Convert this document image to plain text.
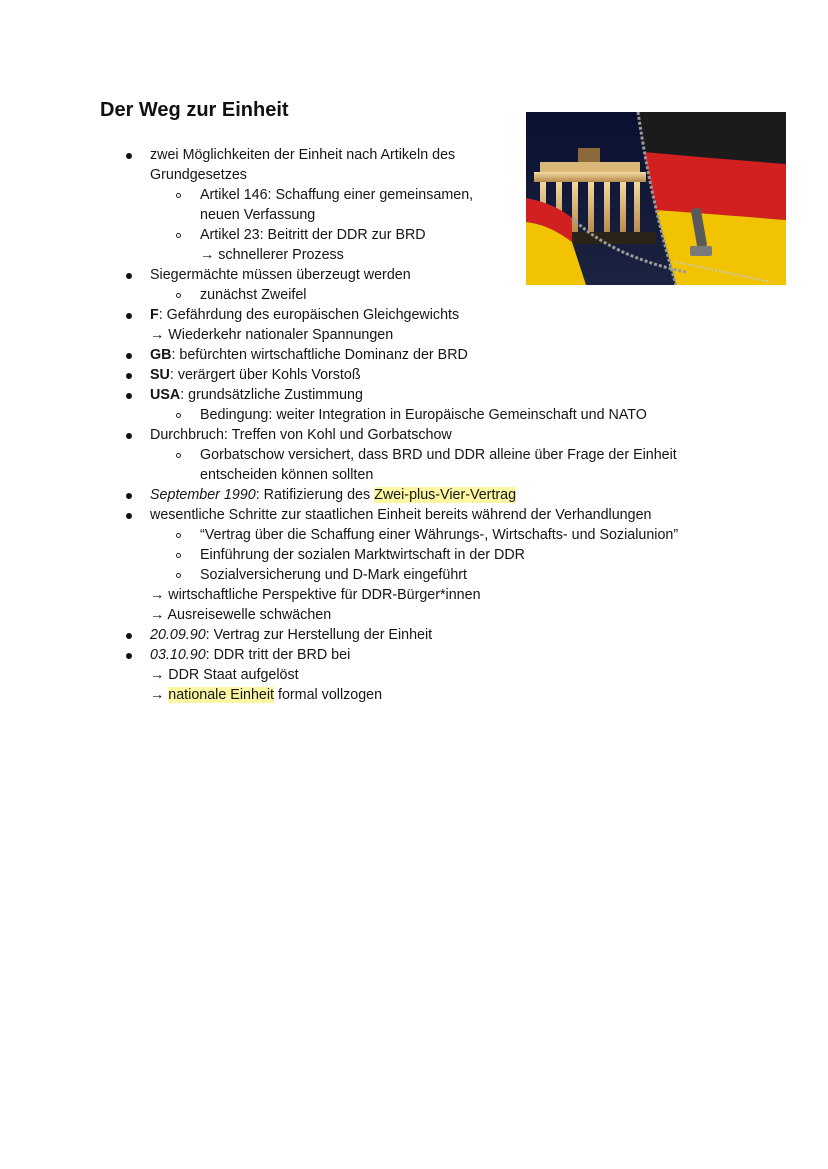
Der Weg zur Einheit
zwei Möglichkeiten der Einheit nach Artikeln des
Grundgesetzes
Artikel 146: Schaffung einer gemeinsamen,
neuen Verfassung
Artikel 23: Beitritt der DDR zur BRD
→ schnellerer Prozess
Siegermächte müssen überzeugt werden
zunächst Zweifel
F: Gefährdung des europäischen Gleichgewichts
→ Wiederkehr nationaler Spannungen
GB: befürchten wirtschaftliche Dominanz der BRD
SU: verärgert über Kohls Vorstoß
USA: grundsätzliche Zustimmung
Bedingung: weiter Integration in Europäische Gemeinschaft und NATO
Durchbruch: Treffen von Kohl und Gorbatschow
Gorbatschow versichert, dass BRD und DDR alleine über Frage der Einheit
entscheiden können sollten
September 1990: Ratifizierung des Zwei-plus-Vier-Vertrag
wesentliche Schritte zur staatlichen Einheit bereits während der Verhandlungen
“Vertrag über die Schaffung einer Währungs-, Wirtschafts- und Sozialunion”
Einführung der sozialen Marktwirtschaft in der DDR
Sozialversicherung und D-Mark eingeführt
→ wirtschaftliche Perspektive für DDR-Bürger*innen
→ Ausreisewelle schwächen
20.09.90: Vertrag zur Herstellung der Einheit
03.10.90: DDR tritt der BRD bei
→ DDR Staat aufgelöst
→ nationale Einheit formal vollzogen
